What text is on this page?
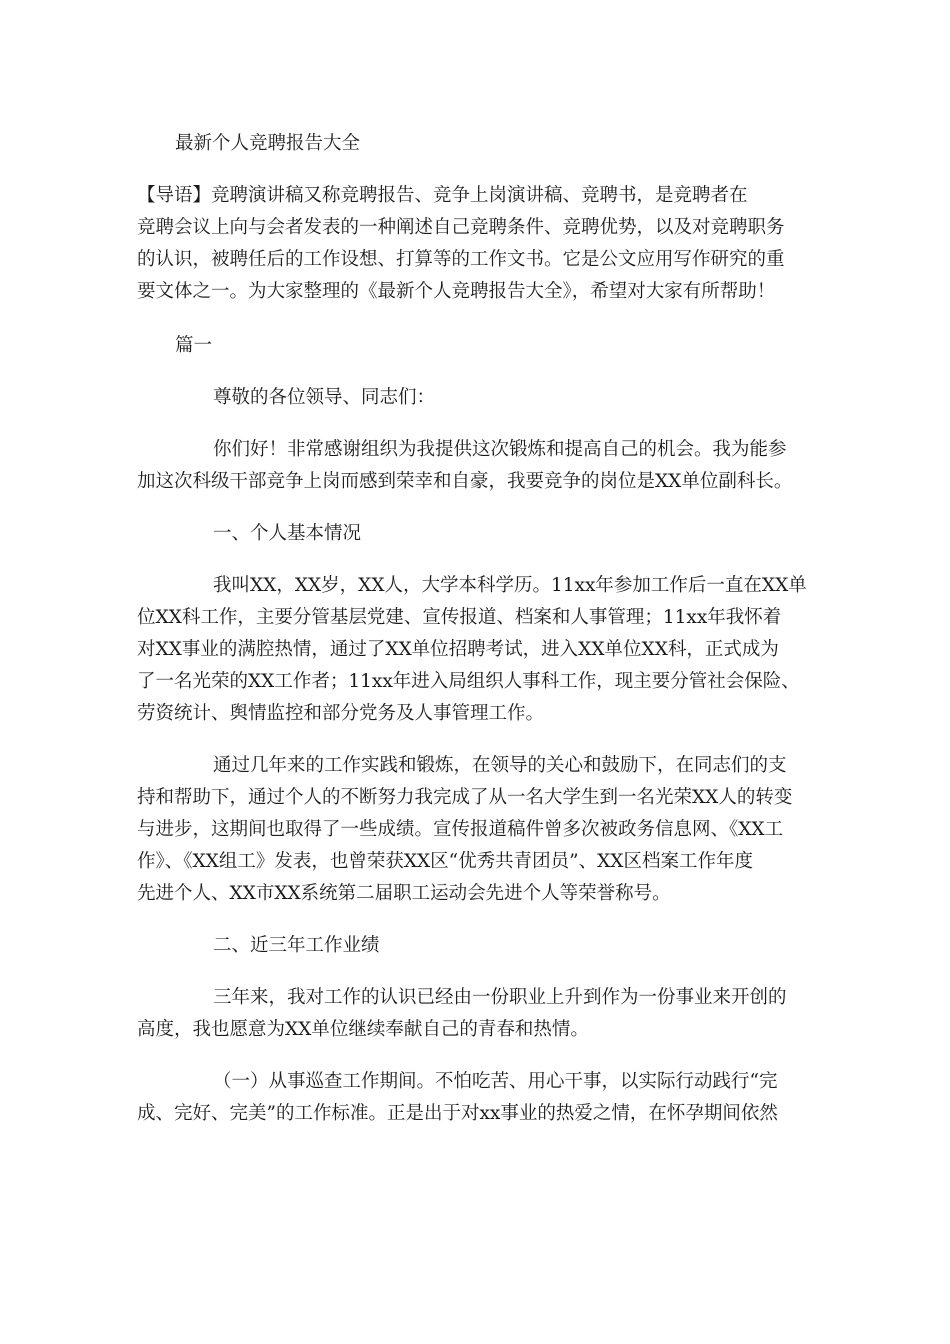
最新个人竞聘报告大全

【导语】竞聘演讲稿又称竞聘报告、竞争上岗演讲稿、竞聘书，是竞聘者在

竞聘会议上向与会者发表的一种阐述自己竞聘条件、竞聘优势，以及对竞聘职务

的认识，被聘任后的工作设想、打算等的工作文书。它是公文应用写作研究的重

要文体之一。为大家整理的《最新个人竞聘报告大全》，希望对大家有所帮助！

篇一

尊敬的各位领导、同志们：

你们好！非常感谢组织为我提供这次锻炼和提高自己的机会。我为能参

加这次科级干部竞争上岗而感到荣幸和自豪，我要竞争的岗位是XX单位副科长。

一、个人基本情况

我叫XX，XX岁，XX人，大学本科学历。11xx年参加工作后一直在XX单

位XX科工作，主要分管基层党建、宣传报道、档案和人事管理；11xx年我怀着

对XX事业的满腔热情，通过了XX单位招聘考试，进入XX单位XX科，正式成为

了一名光荣的XX工作者；11xx年进入局组织人事科工作，现主要分管社会保险、

劳资统计、舆情监控和部分党务及人事管理工作。

通过几年来的工作实践和锻炼，在领导的关心和鼓励下，在同志们的支

持和帮助下，通过个人的不断努力我完成了从一名大学生到一名光荣XX人的转变

与进步，这期间也取得了一些成绩。宣传报道稿件曾多次被政务信息网、《XX工

作》、《XX组工》发表，也曾荣获XX区“优秀共青团员”、XX区档案工作年度

先进个人、XX市XX系统第二届职工运动会先进个人等荣誉称号。

二、近三年工作业绩

三年来，我对工作的认识已经由一份职业上升到作为一份事业来开创的

高度，我也愿意为XX单位继续奉献自己的青春和热情。

（一）从事巡查工作期间。不怕吃苦、用心干事，以实际行动践行“完

成、完好、完美”的工作标准。正是出于对xx事业的热爱之情，在怀孕期间依然
